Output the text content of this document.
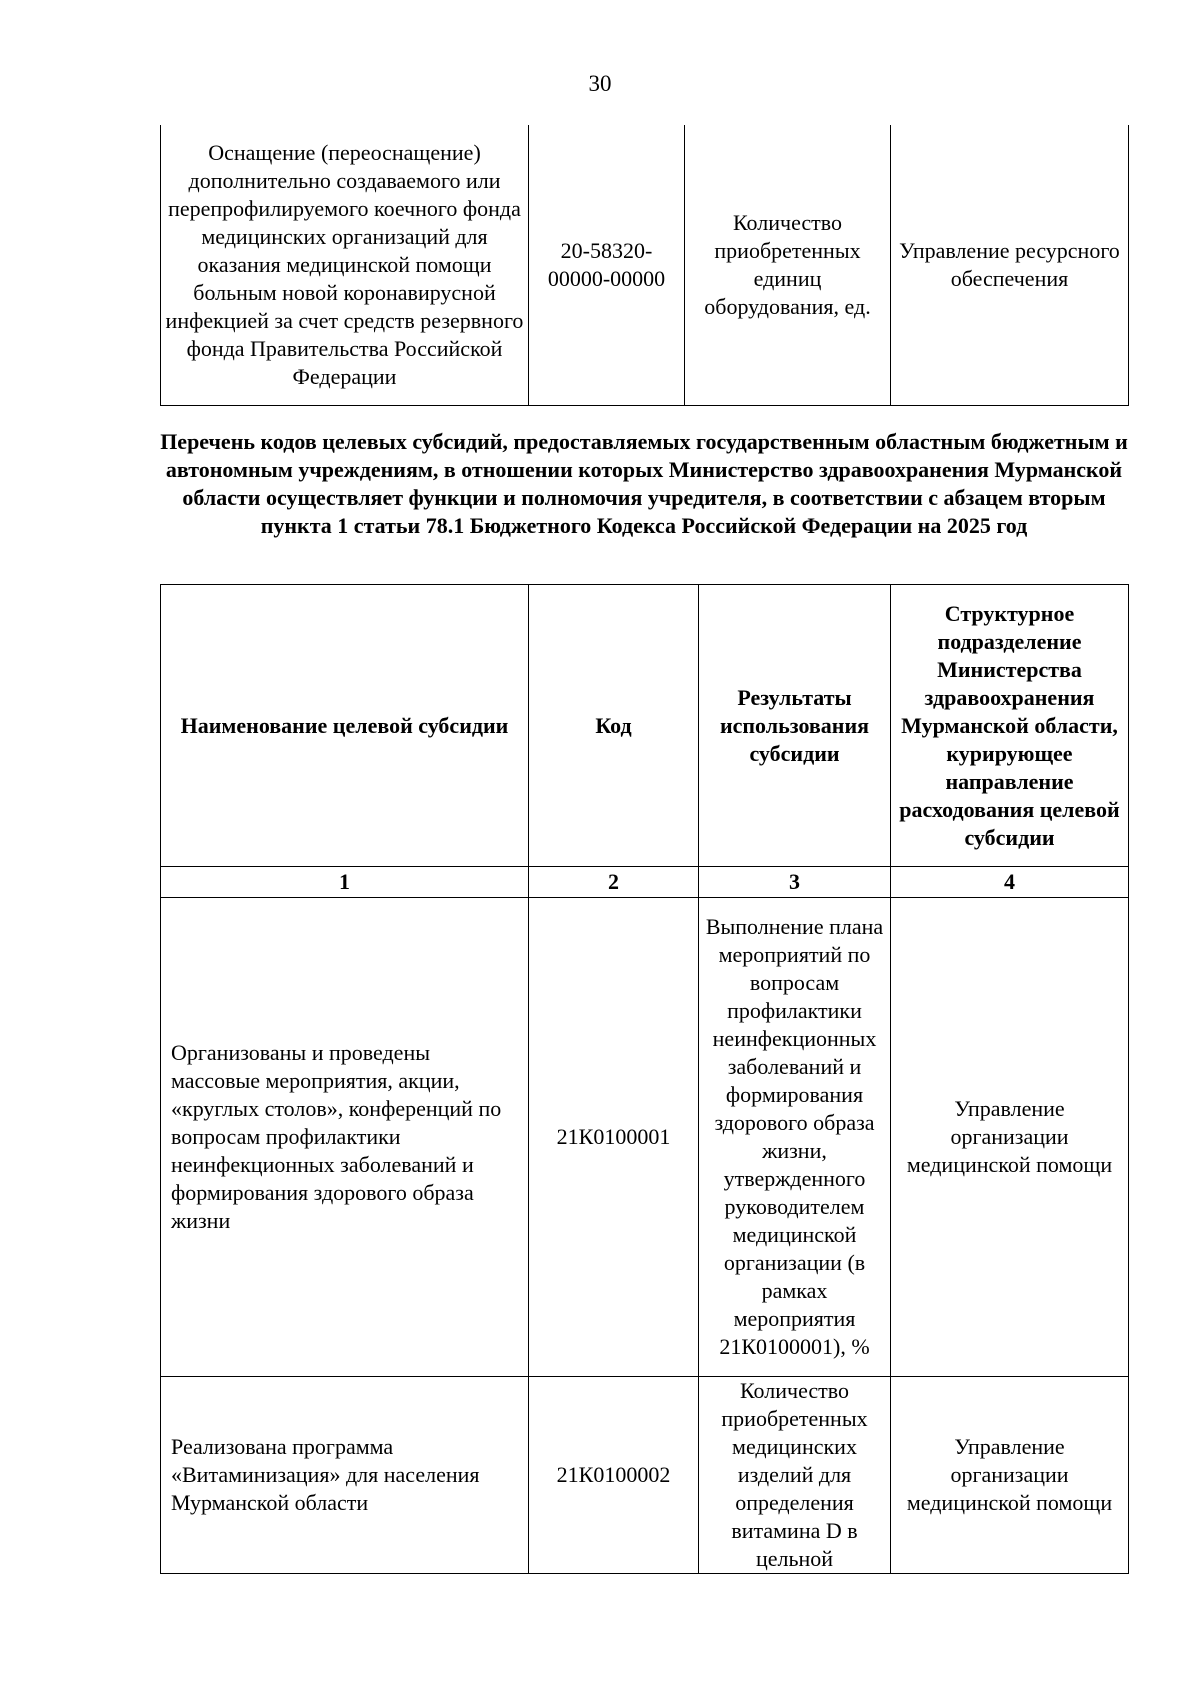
30
Оснащение (переоснащение) дополнительно создаваемого или перепрофилируемого коечного фонда медицинских организаций для оказания медицинской помощи больным новой коронавирусной инфекцией за счет средств резервного фонда Правительства Российской Федерации	20-58320-00000-00000	Количество приобретенных единиц оборудования, ед.	Управление ресурсного обеспечения
Перечень кодов целевых субсидий, предоставляемых государственным областным бюджетным и автономным учреждениям, в отношении которых Министерство здравоохранения Мурманской области осуществляет функции и полномочия учредителя, в соответствии с абзацем вторым пункта 1 статьи 78.1 Бюджетного Кодекса Российской Федерации на 2025 год
Наименование целевой субсидии	Код	Результаты использования субсидии	Структурное подразделение Министерства здравоохранения Мурманской области, курирующее направление расходования целевой субсидии
1	2	3	4
Организованы и проведены массовые мероприятия, акции, «круглых столов», конференций по вопросам профилактики неинфекционных заболеваний и формирования здорового образа жизни	21К0100001	Выполнение плана мероприятий по вопросам профилактики неинфекционных заболеваний и формирования здорового образа жизни, утвержденного руководителем медицинской организации (в рамках мероприятия 21К0100001), %	Управление организации медицинской помощи
Реализована программа «Витаминизация» для населения Мурманской области	21К0100002	Количество приобретенных медицинских изделий для определения витамина D в цельной	Управление организации медицинской помощи
